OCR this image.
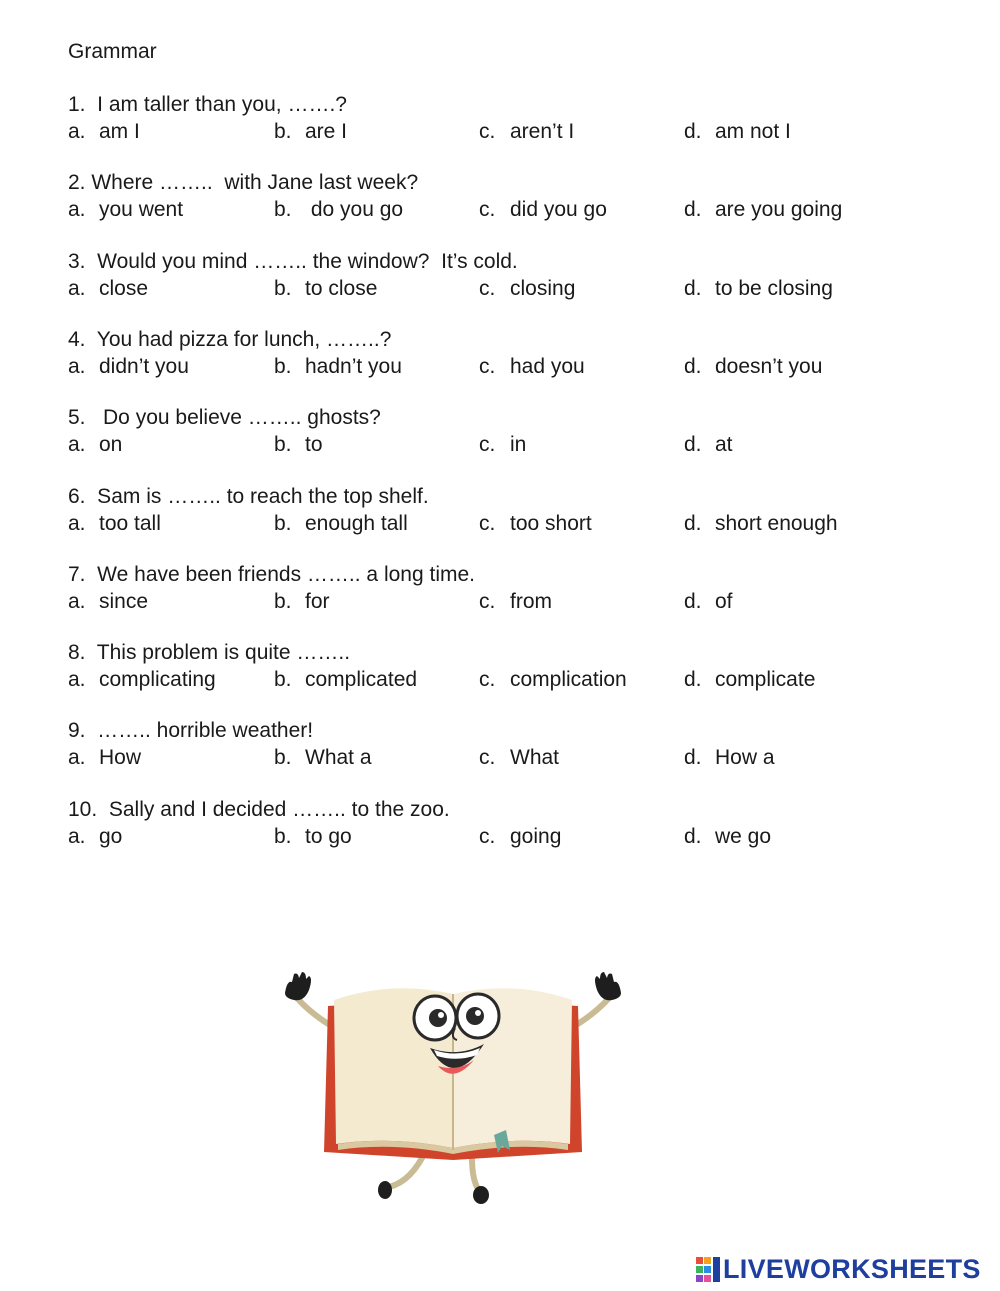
Grammar
1.  I am taller than you, …….?
a. am I	b. are I	c. aren’t I	d. am not I
2. Where ……..  with Jane last week?
a. you went	b. do you go	c. did you go	d. are you going
3.  Would you mind …….. the window?  It’s cold.
a. close	b. to close	c. closing	d. to be closing
4.  You had pizza for lunch, ……..?
a. didn’t you	b. hadn’t you	c. had you	d. doesn’t you
5.   Do you believe …….. ghosts?
a. on	b. to	c. in	d. at
6.  Sam is …….. to reach the top shelf.
a. too tall	b. enough tall	c. too short	d. short enough
7.  We have been friends …….. a long time.
a. since	b. for	c. from	d. of
8.  This problem is quite ……..
a. complicating	b. complicated	c. complication	d. complicate
9.  …….. horrible weather!
a. How	b. What a	c. What	d. How a
10.  Sally and I decided …….. to the zoo.
a. go	b. to go	c. going	d. we go
LIVEWORKSHEETS
